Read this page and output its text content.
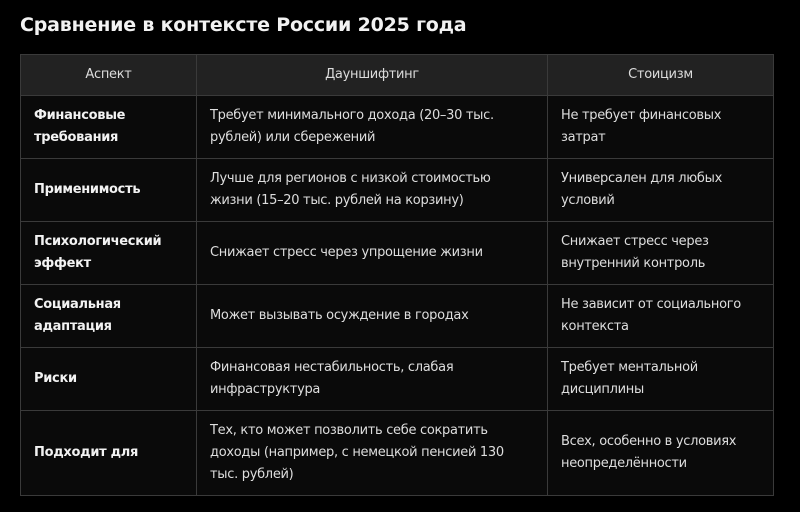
Сравнение в контексте России 2025 года
Аспект	Дауншифтинг	Стоицизм
Финансовые требования	Требует минимального дохода (20–30 тыс. рублей) или сбережений	Не требует финансовых затрат
Применимость	Лучше для регионов с низкой стоимостью жизни (15–20 тыс. рублей на корзину)	Универсален для любых условий
Психологический эффект	Снижает стресс через упрощение жизни	Снижает стресс через внутренний контроль
Социальная адаптация	Может вызывать осуждение в городах	Не зависит от социального контекста
Риски	Финансовая нестабильность, слабая инфраструктура	Требует ментальной дисциплины
Подходит для	Тех, кто может позволить себе сократить доходы (например, с немецкой пенсией 130 тыс. рублей)	Всех, особенно в условиях неопределённости
